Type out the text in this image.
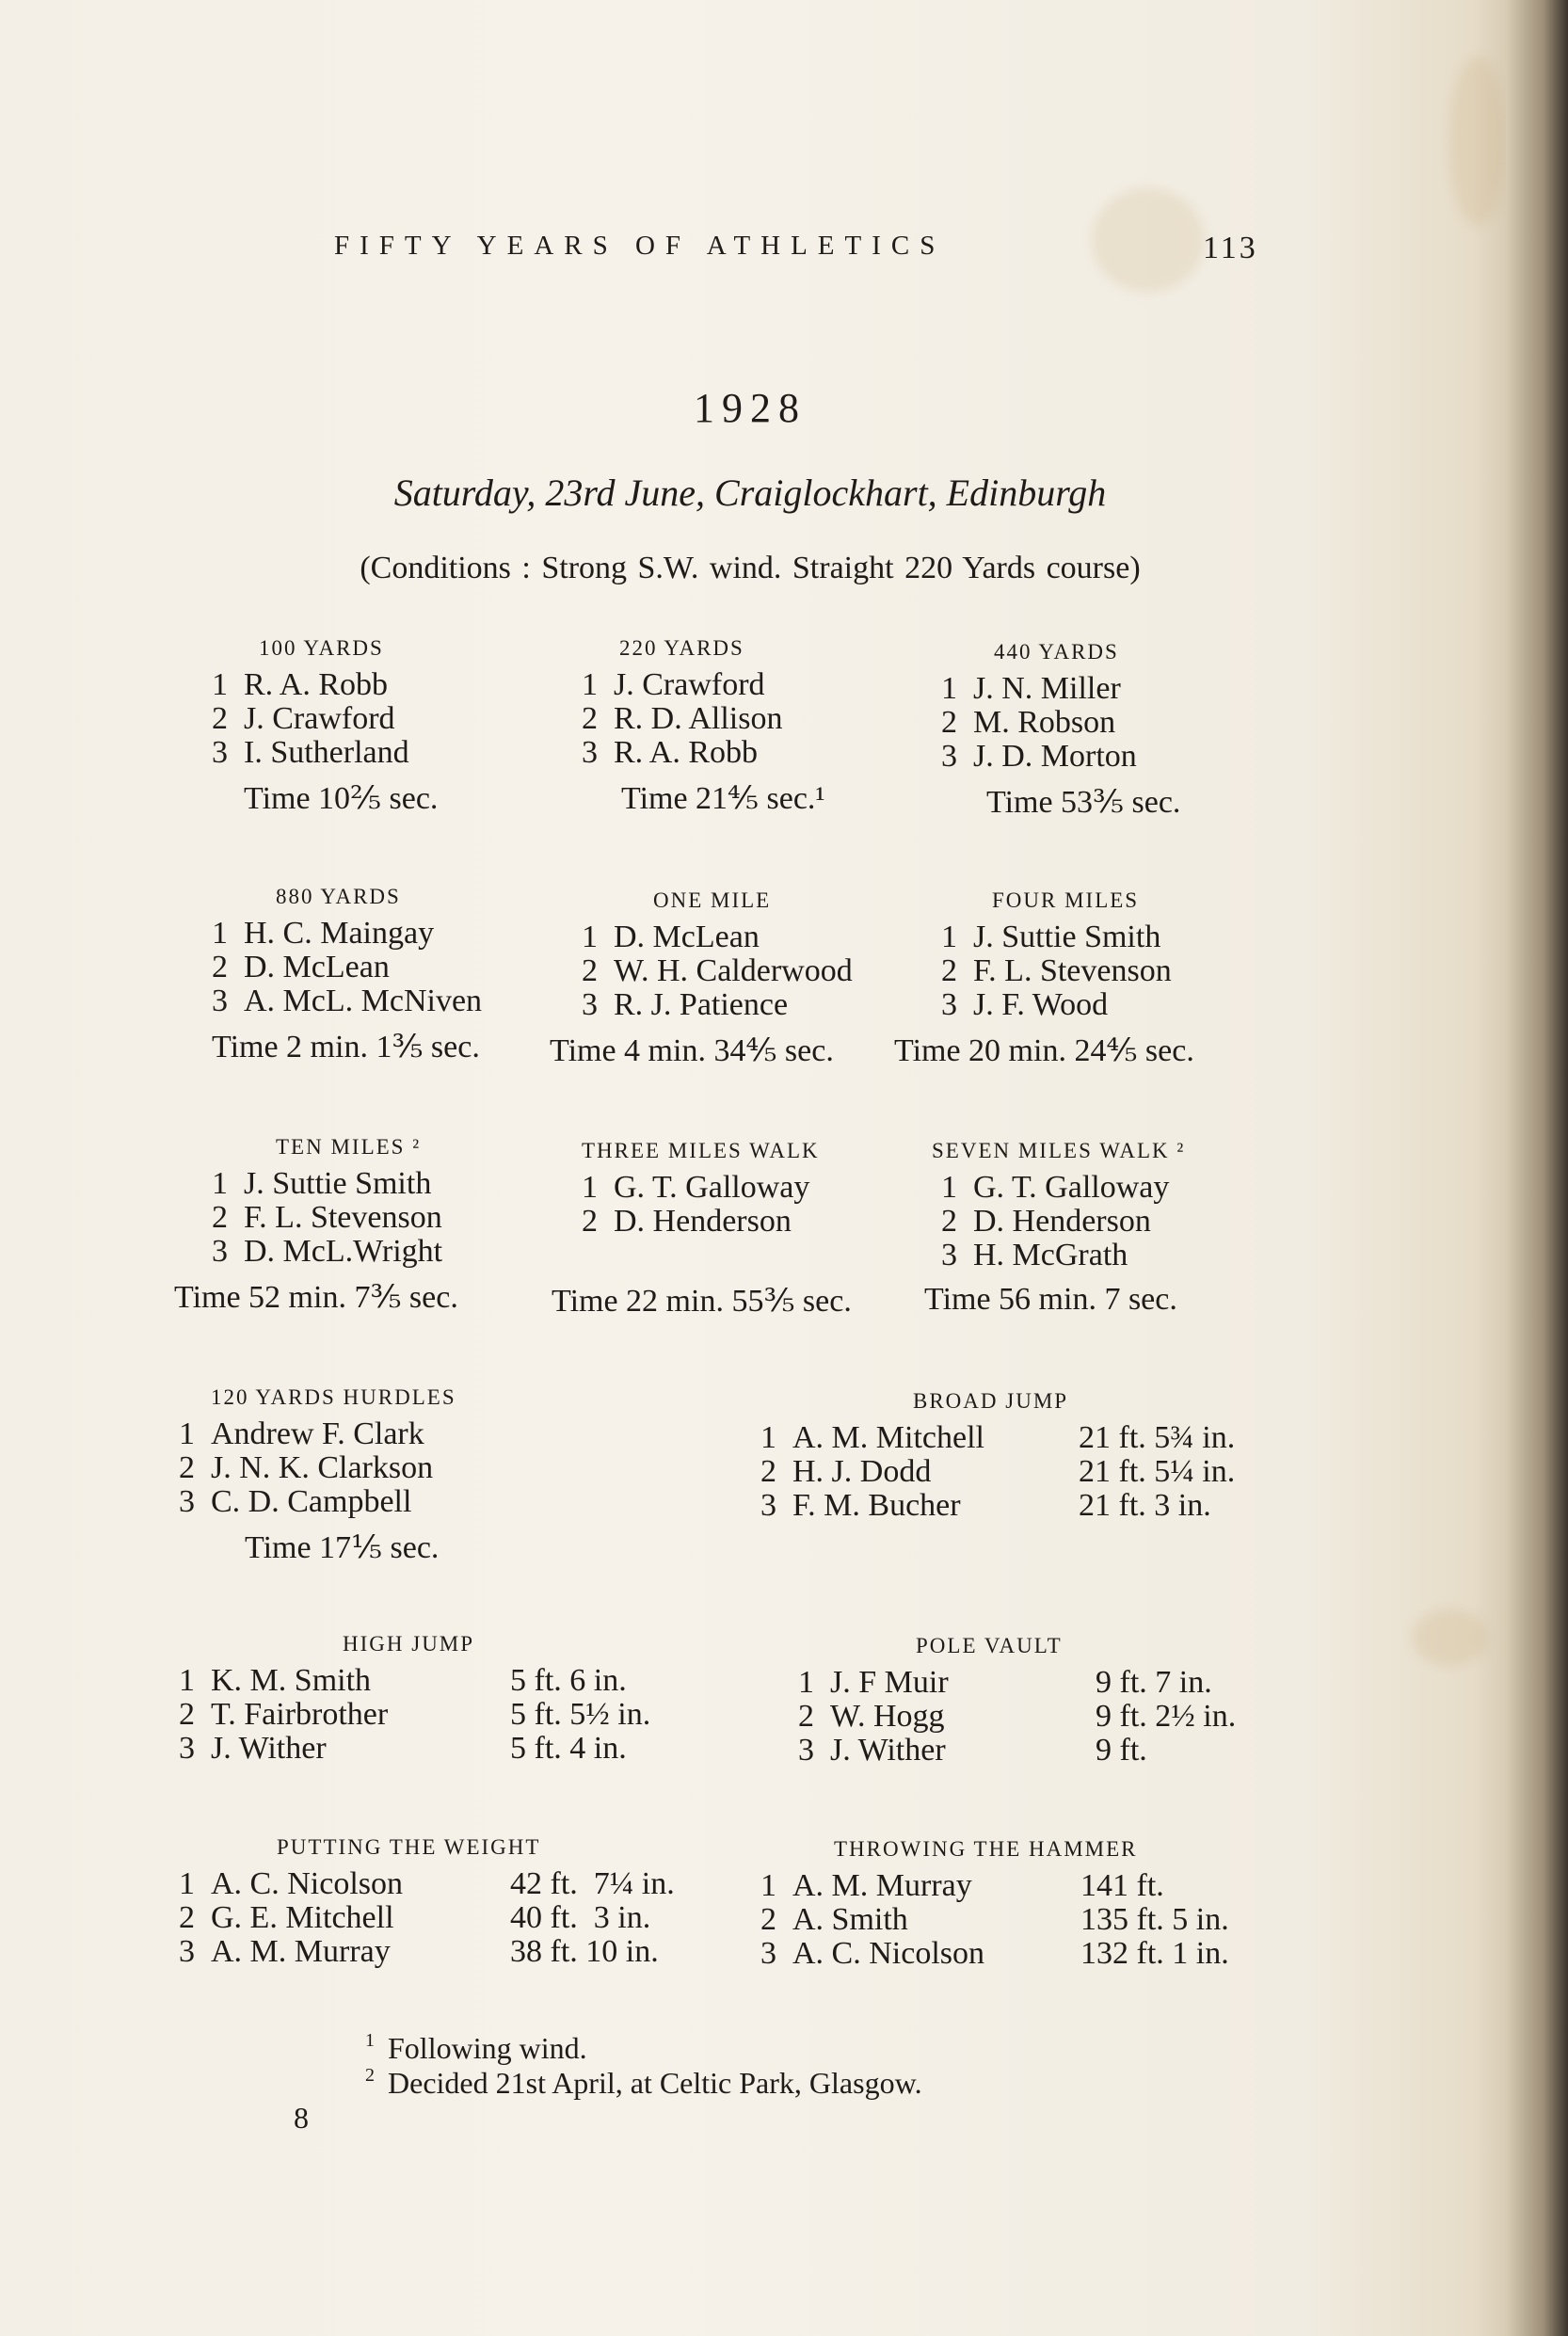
FIFTY YEARS OF ATHLETICS	113
1928
Saturday, 23rd June, Craiglockhart, Edinburgh
(Conditions : Strong S.W. wind. Straight 220 Yards course)
100 YARDS
1 R. A. Robb
2 J. Crawford
3 I. Sutherland
Time 10⅖ sec.
220 YARDS
1 J. Crawford
2 R. D. Allison
3 R. A. Robb
Time 21⅘ sec.¹
440 YARDS
1 J. N. Miller
2 M. Robson
3 J. D. Morton
Time 53⅗ sec.
880 YARDS
1 H. C. Maingay
2 D. McLean
3 A. McL. McNiven
Time 2 min. 1⅗ sec.
ONE MILE
1 D. McLean
2 W. H. Calderwood
3 R. J. Patience
Time 4 min. 34⅘ sec.
FOUR MILES
1 J. Suttie Smith
2 F. L. Stevenson
3 J. F. Wood
Time 20 min. 24⅘ sec.
TEN MILES ²
1 J. Suttie Smith
2 F. L. Stevenson
3 D. McL.Wright
Time 52 min. 7⅗ sec.
THREE MILES WALK
1 G. T. Galloway
2 D. Henderson
Time 22 min. 55⅗ sec.
SEVEN MILES WALK ²
1 G. T. Galloway
2 D. Henderson
3 H. McGrath
Time 56 min. 7 sec.
120 YARDS HURDLES
1 Andrew F. Clark
2 J. N. K. Clarkson
3 C. D. Campbell
Time 17⅕ sec.
BROAD JUMP
1 A. M. Mitchell	21 ft. 5¾ in.
2 H. J. Dodd	21 ft. 5¼ in.
3 F. M. Bucher	21 ft. 3 in.
HIGH JUMP
1 K. M. Smith	5 ft. 6 in.
2 T. Fairbrother	5 ft. 5½ in.
3 J. Wither	5 ft. 4 in.
POLE VAULT
1 J. F Muir	9 ft. 7 in.
2 W. Hogg	9 ft. 2½ in.
3 J. Wither	9 ft.
PUTTING THE WEIGHT
1 A. C. Nicolson	42 ft.  7¼ in.
2 G. E. Mitchell	40 ft.  3 in.
3 A. M. Murray	38 ft. 10 in.
THROWING THE HAMMER
1 A. M. Murray	141 ft.
2 A. Smith	135 ft. 5 in.
3 A. C. Nicolson	132 ft. 1 in.
1 Following wind.
2 Decided 21st April, at Celtic Park, Glasgow.
8
